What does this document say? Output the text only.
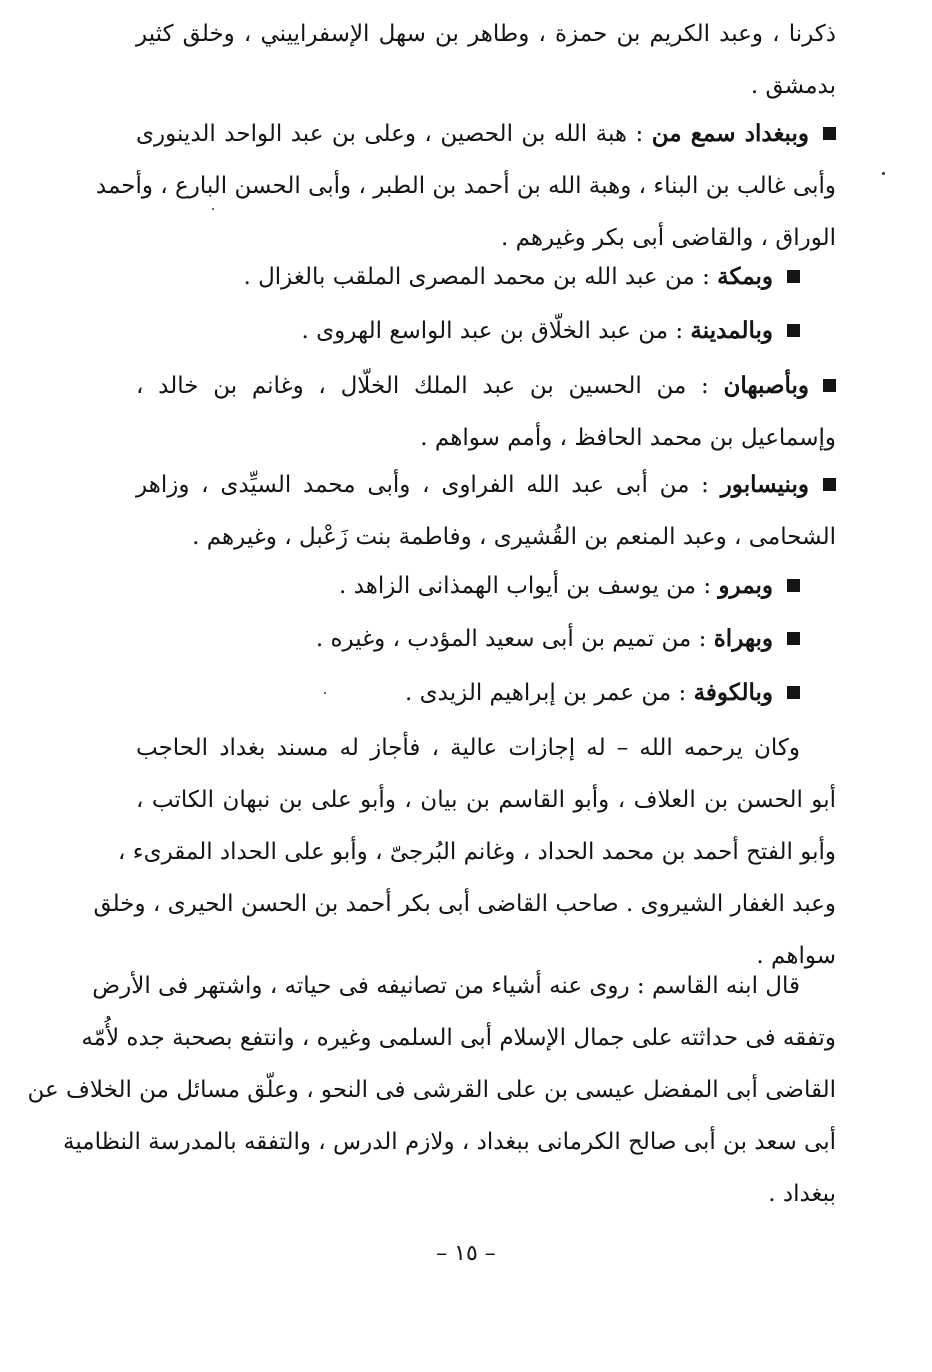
ذكرنا ، وعبد الكريم بن حمزة ، وطاهر بن سهل الإسفراييني ، وخلق كثير
بدمشق .
وببغداد سمع من : هبة الله بن الحصين ، وعلى بن عبد الواحد الدينورى
وأبى غالب بن البناء ، وهبة الله بن أحمد بن الطبر ، وأبى الحسن البارع ، وأحمد
الوراق ، والقاضى أبى بكر وغيرهم .
وبمكة : من عبد الله بن محمد المصرى الملقب بالغزال .
وبالمدينة : من عبد الخلّاق بن عبد الواسع الهروى .
وبأصبهان : من الحسين بن عبد الملك الخلّال ، وغانم بن خالد ،
وإسماعيل بن محمد الحافظ ، وأمم سواهم .
وبنيسابور : من أبى عبد الله الفراوى ، وأبى محمد السيِّدى ، وزاهر
الشحامى ، وعبد المنعم بن القُشيرى ، وفاطمة بنت زَعْبل ، وغيرهم .
وبمرو : من يوسف بن أيواب الهمذانى الزاهد .
وبهراة : من تميم بن أبى سعيد المؤدب ، وغيره .
وبالكوفة : من عمر بن إبراهيم الزيدى .
وكان يرحمه الله – له إجازات عالية ، فأجاز له مسند بغداد الحاجب
أبو الحسن بن العلاف ، وأبو القاسم بن بيان ، وأبو على بن نبهان الكاتب ،
وأبو الفتح أحمد بن محمد الحداد ، وغانم البُرجىّ ، وأبو على الحداد المقرىء ،
وعبد الغفار الشيروى . صاحب القاضى أبى بكر أحمد بن الحسن الحيرى ، وخلق
سواهم .
قال ابنه القاسم : روى عنه أشياء من تصانيفه فى حياته ، واشتهر فى الأرض
وتفقه فى حداثته على جمال الإسلام أبى السلمى وغيره ، وانتفع بصحبة جده لأُمّه
القاضى أبى المفضل عيسى بن على القرشى فى النحو ، وعلّق مسائل من الخلاف عن
أبى سعد بن أبى صالح الكرمانى ببغداد ، ولازم الدرس ، والتفقه بالمدرسة النظامية
ببغداد .
– ١٥ –
